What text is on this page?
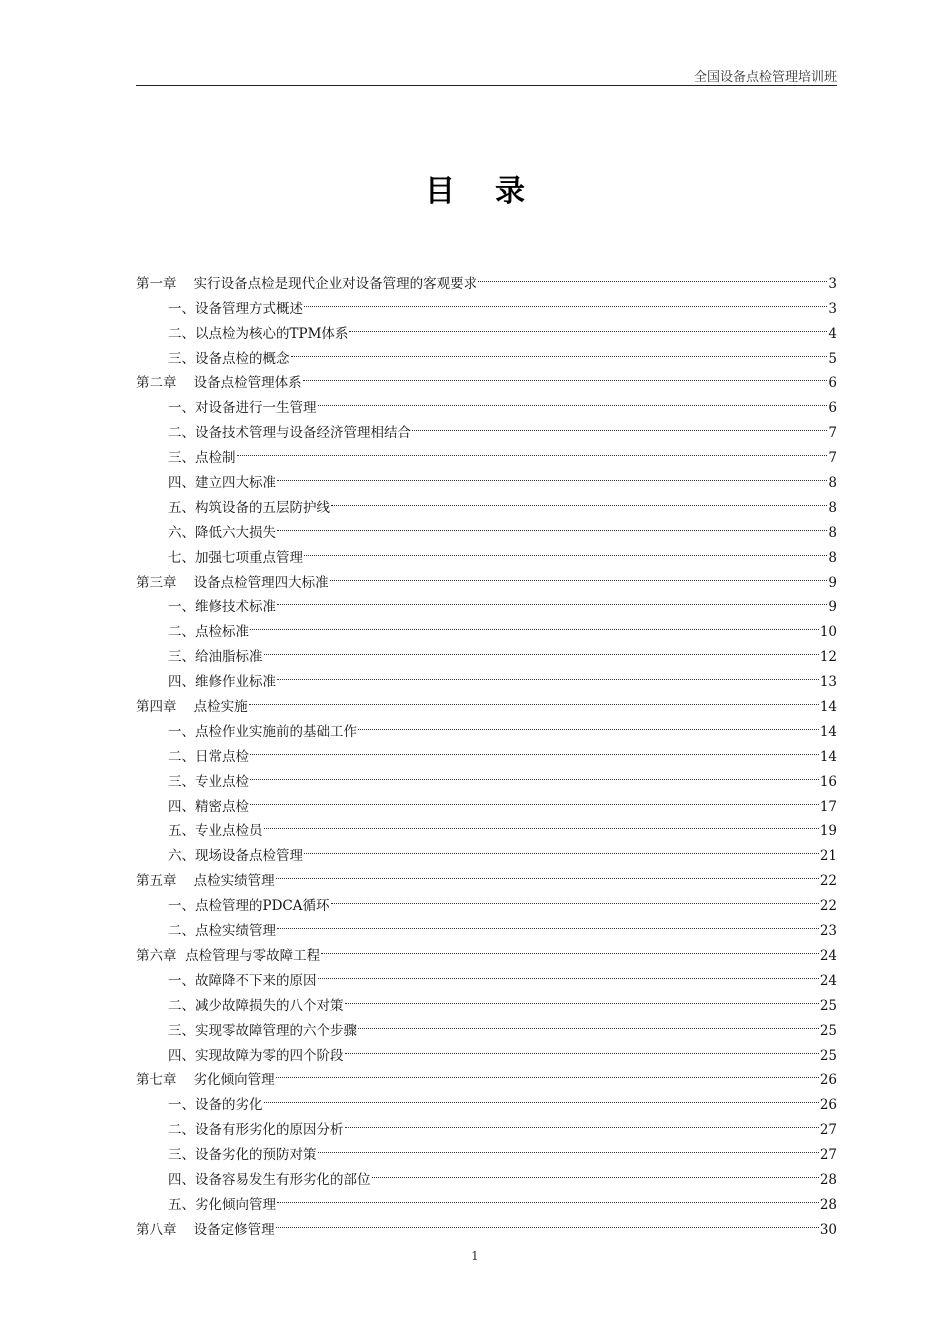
全国设备点检管理培训班
目录
第一章    实行设备点检是现代企业对设备管理的客观要求	3
一、设备管理方式概述	3
二、以点检为核心的TPM体系	4
三、设备点检的概念	5
第二章    设备点检管理体系	6
一、对设备进行一生管理	6
二、设备技术管理与设备经济管理相结合	7
三、点检制	7
四、建立四大标准	8
五、构筑设备的五层防护线	8
六、降低六大损失	8
七、加强七项重点管理	8
第三章    设备点检管理四大标准	9
一、维修技术标准	9
二、点检标准	10
三、给油脂标准	12
四、维修作业标准	13
第四章    点检实施	14
一、点检作业实施前的基础工作	14
二、日常点检	14
三、专业点检	16
四、精密点检	17
五、专业点检员	19
六、现场设备点检管理	21
第五章    点检实绩管理	22
一、点检管理的PDCA循环	22
二、点检实绩管理	23
第六章  点检管理与零故障工程	24
一、故障降不下来的原因	24
二、减少故障损失的八个对策	25
三、实现零故障管理的六个步骤	25
四、实现故障为零的四个阶段	25
第七章    劣化倾向管理	26
一、设备的劣化	26
二、设备有形劣化的原因分析	27
三、设备劣化的预防对策	27
四、设备容易发生有形劣化的部位	28
五、劣化倾向管理	28
第八章    设备定修管理	30
1
